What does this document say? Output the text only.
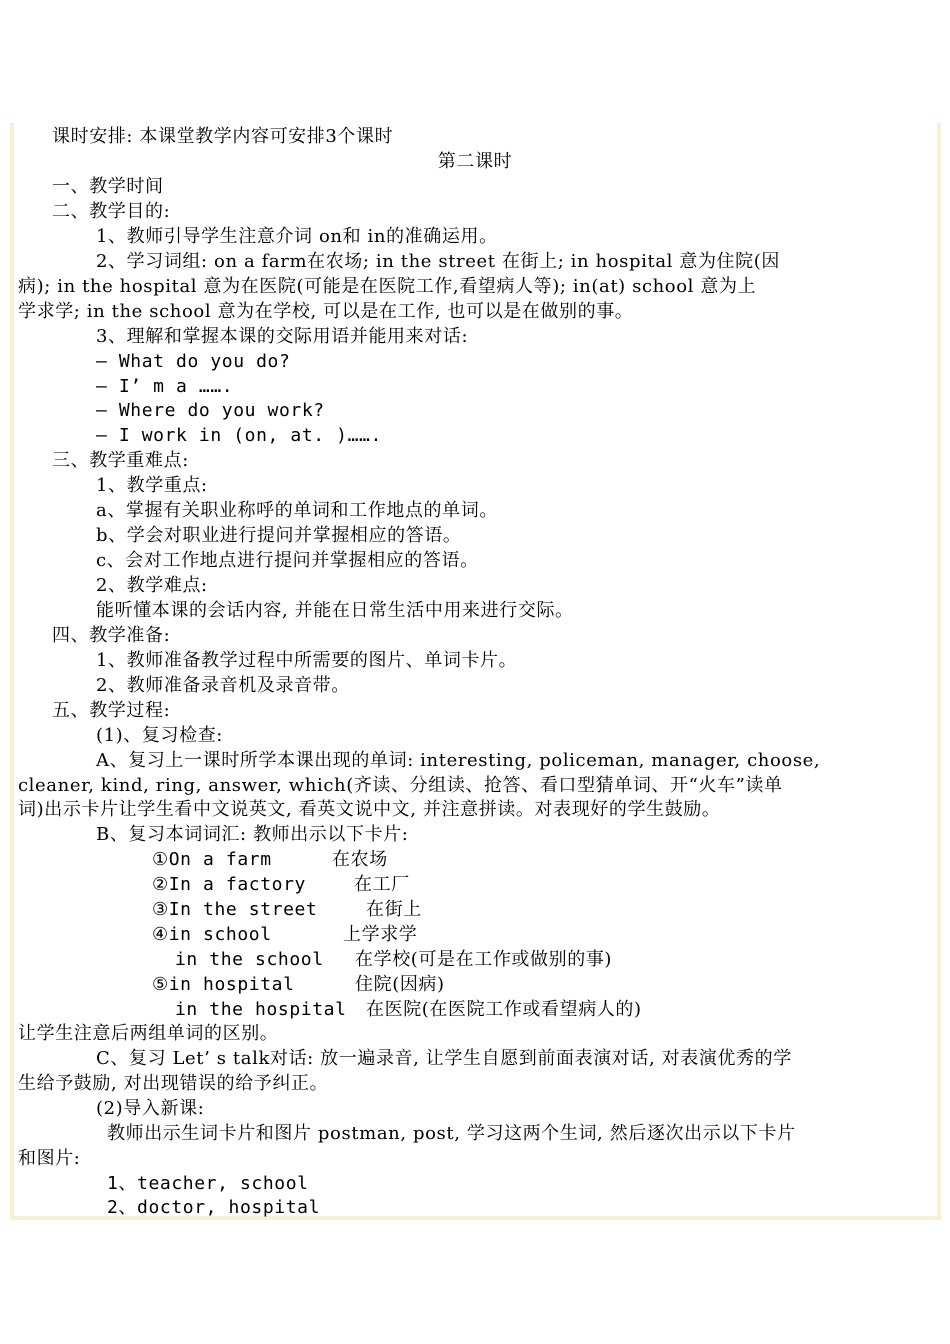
课时安排: 本课堂教学内容可安排3个课时
第二课时
一、教学时间
二、教学目的:
1、教师引导学生注意介词 on和 in的准确运用。
2、学习词组: on a farm在农场; in the street 在街上; in hospital 意为住院(因
病); in the hospital 意为在医院(可能是在医院工作,看望病人等); in(at) school 意为上
学求学; in the school 意为在学校, 可以是在工作, 也可以是在做别的事。
3、理解和掌握本课的交际用语并能用来对话:
— What do you do?
— I’ m a …….
— Where do you work?
— I work in (on, at. )…….
三、教学重难点:
1、教学重点:
a、掌握有关职业称呼的单词和工作地点的单词。
b、学会对职业进行提问并掌握相应的答语。
c、会对工作地点进行提问并掌握相应的答语。
2、教学难点:
能听懂本课的会话内容, 并能在日常生活中用来进行交际。
四、教学准备:
1、教师准备教学过程中所需要的图片、单词卡片。
2、教师准备录音机及录音带。
五、教学过程:
(1)、复习检查:
A、复习上一课时所学本课出现的单词: interesting, policeman, manager, choose,
cleaner, kind, ring, answer, which(齐读、分组读、抢答、看口型猜单词、开“火车”读单
词)出示卡片让学生看中文说英文, 看英文说中文, 并注意拼读。对表现好的学生鼓励。
B、复习本词词汇: 教师出示以下卡片:
①On a farm	在农场
②In a factory	在工厂
③In the street	在街上
④in school	上学求学
in the school 在学校(可是在工作或做别的事)
⑤in hospital	住院(因病)
in the hospital 在医院(在医院工作或看望病人的)
让学生注意后两组单词的区别。
C、复习 Let’ s talk对话: 放一遍录音, 让学生自愿到前面表演对话, 对表演优秀的学
生给予鼓励, 对出现错误的给予纠正。
(2)导入新课:
教师出示生词卡片和图片 postman, post, 学习这两个生词, 然后逐次出示以下卡片
和图片:
1、teacher, school
2、doctor, hospital
